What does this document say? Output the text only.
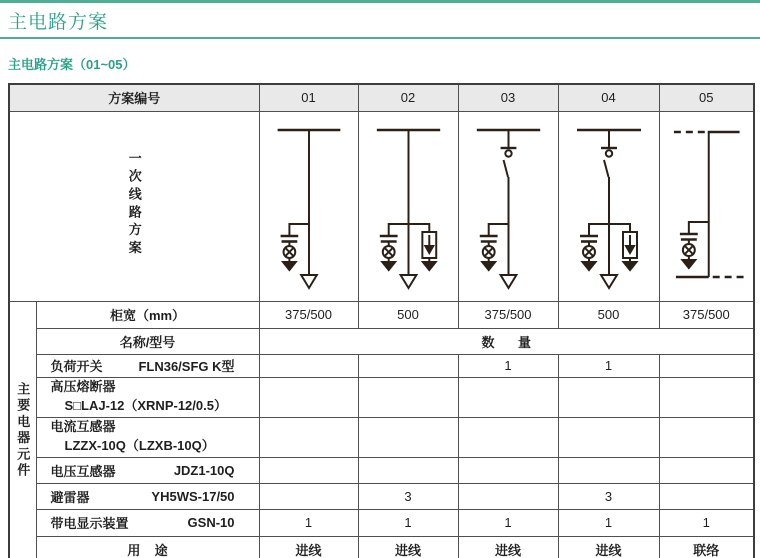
主电路方案
主电路方案（01~05）
方案编号		01	02	03	04	05
一次线路方案	

主要电器元件	柜宽（mm）	375/500	500	375/500	500	375/500
	名称/型号	数量				

	负荷开关 FLN36/SFG K型			1	1	

	高压熔断器
S□LAJ-12（XRNP-12/0.5）					

	电流互感器
LZZX-10Q（LZXB-10Q）					

	电压互感器 JDZ1-10Q					

	避雷器 YH5WS-17/50		3		3	

	带电显示装置 GSN-10	1	1	1	1	1
	用途	进线	进线	进线	进线	联络
